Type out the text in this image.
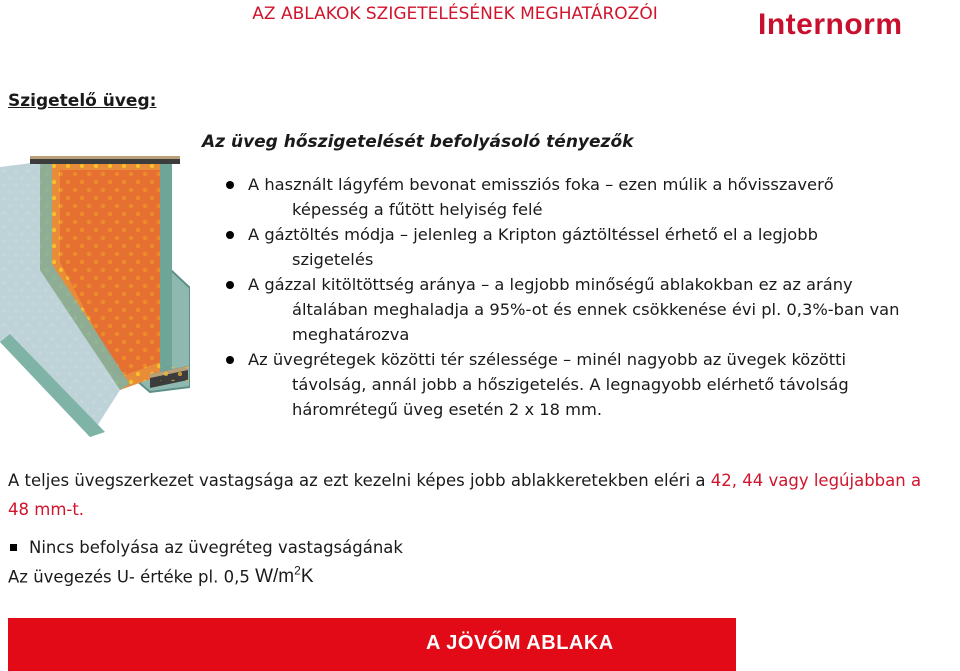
AZ ABLAKOK SZIGETELÉSÉNEK MEGHATÁROZÓI
Szigetelő üveg:
Az üveg hőszigetelését befolyásoló tényezők
A használt lágyfém bevonat emissziós foka – ezen múlik a hővisszaverő
képesség a fűtött helyiség felé
A gáztöltés módja – jelenleg a Kripton gáztöltéssel érhető el a legjobb
szigetelés
A gázzal kitöltöttség aránya – a legjobb minőségű ablakokban ez az arány
általában meghaladja a 95%-ot és ennek csökkenése évi pl. 0,3%-ban van
meghatározva
Az üvegrétegek közötti tér szélessége – minél nagyobb az üvegek közötti
távolság, annál jobb a hőszigetelés. A legnagyobb elérhető távolság
háromrétegű üveg esetén 2 x 18 mm.
A teljes üvegszerkezet vastagsága az ezt kezelni képes jobb ablakkeretekben eléri a 42, 44 vagy legújabban a 48 mm-t.
Nincs befolyása az üvegréteg vastagságának
Az üvegezés U- értéke pl. 0,5 $W/m^2K$
A JÖVŐM ABLAKA
Internorm
